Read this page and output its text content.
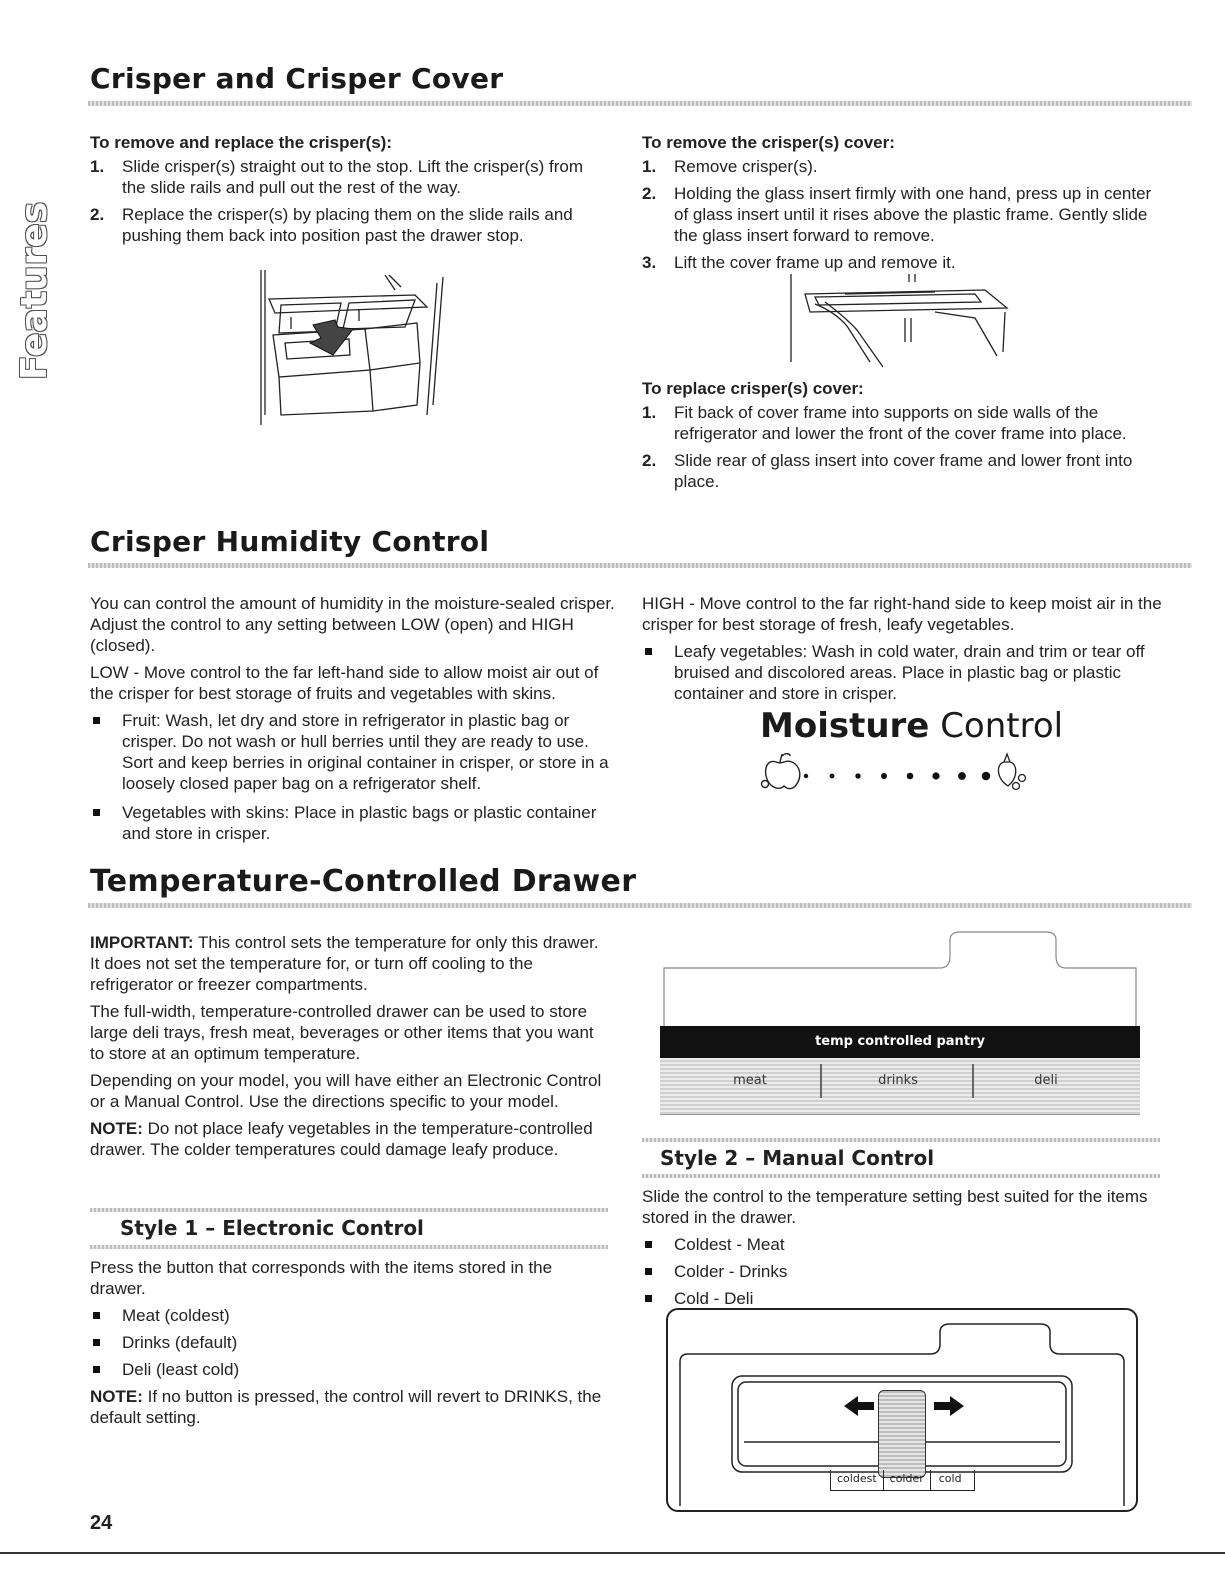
Features
Crisper and Crisper Cover

To remove and replace the crisper(s):

1. Slide crisper(s) straight out to the stop. Lift the crisper(s) from the slide rails and pull out the rest of the way.
2. Replace the crisper(s) by placing them on the slide rails and pushing them back into position past the drawer stop.

To remove the crisper(s) cover:

1. Remove crisper(s).
2. Holding the glass insert firmly with one hand, press up in center of glass insert until it rises above the plastic frame. Gently slide the glass insert forward to remove.
3. Lift the cover frame up and remove it.

To replace crisper(s) cover:

1. Fit back of cover frame into supports on side walls of the refrigerator and lower the front of the cover frame into place.
2. Slide rear of glass insert into cover frame and lower front into place.
Crisper Humidity Control

You can control the amount of humidity in the moisture-sealed crisper. Adjust the control to any setting between LOW (open) and HIGH (closed).

LOW - Move control to the far left-hand side to allow moist air out of the crisper for best storage of fruits and vegetables with skins.

Fruit: Wash, let dry and store in refrigerator in plastic bag or crisper. Do not wash or hull berries until they are ready to use. Sort and keep berries in original container in crisper, or store in a loosely closed paper bag on a refrigerator shelf.
Vegetables with skins: Place in plastic bags or plastic container and store in crisper.

HIGH - Move control to the far right-hand side to keep moist air in the crisper for best storage of fresh, leafy vegetables.

Leafy vegetables: Wash in cold water, drain and trim or tear off bruised and discolored areas. Place in plastic bag or plastic container and store in crisper.
Moisture Control
Temperature-Controlled Drawer

IMPORTANT: This control sets the temperature for only this drawer. It does not set the temperature for, or turn off cooling to the refrigerator or freezer compartments.

The full-width, temperature-controlled drawer can be used to store large deli trays, fresh meat, beverages or other items that you want to store at an optimum temperature.

Depending on your model, you will have either an Electronic Control or a Manual Control. Use the directions specific to your model.

NOTE: Do not place leafy vegetables in the temperature-controlled drawer. The colder temperatures could damage leafy produce.

Style 1 – Electronic Control

Press the button that corresponds with the items stored in the drawer.

Meat (coldest)
Drinks (default)
Deli (least cold)

NOTE: If no button is pressed, the control will revert to DRINKS, the default setting.

temp controlled pantry
meat	drinks	deli
Style 2 – Manual Control

Slide the control to the temperature setting best suited for the items stored in the drawer.

Coldest - Meat
Colder - Drinks
Cold - Deli
coldest	colder	cold
24
